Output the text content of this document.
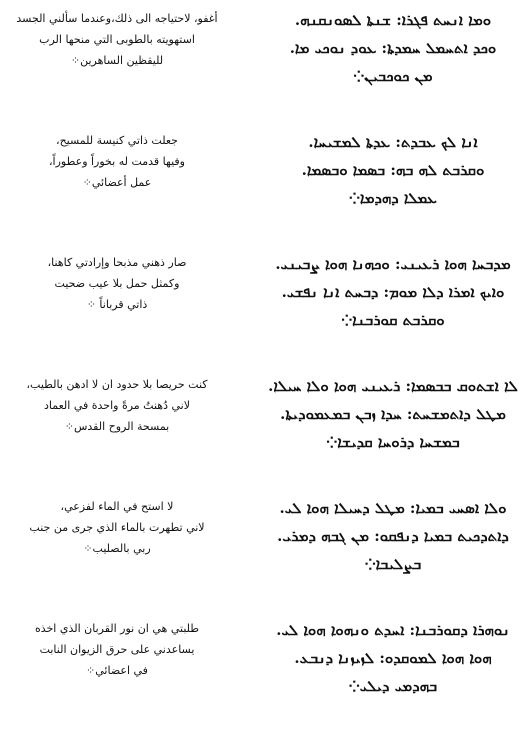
ܘܡܐ ܐܢܚܬ ܦܓܪܐ: ܫܢܬܐ ܠܣܘܢܩܢܗ.
ܘܟܕ ܐܬܚܡܠ ܚܡܕܬܐ: ܥܘܕ ܢܘܟܝ ܡܐ.
ܡܢ ܟܘܟܒܝܢ⁘
أغفو، لاحتياجه الى ذلك،وعندما سألني الجسد
استهويته بالطوبى التي منحها الرب
لليقظين الساهرين⁘
ܐܢܐ ܠܟ ܥܒܕܬ: ܥܕܬܐ ܠܡܫܝܚܐ.
ܘܩܪܒܬ ܠܗ ܒܗ: ܒܣܡܐ ܘܒܣܡܐ.
ܥܡܠܐ ܕܗܕܡܐ⁘
جعلت ذاتي كنيسة للمسيح،
وفيها قدمت له بخوراً وعطوراً،
عمل أعضائي⁘
ܡܕܒܚܐ ܗܘܐ ܪܥܝܢܝ: ܘܟܗܢܐ ܗܘܐ ܨܒܝܢܝ.
ܘܐܝܟ ܐܡܪܐ ܕܠܐ ܡܘܡ: ܕܒܚܬ ܐܢܐ ܢܦܫܝ.
ܘܩܪܒܬ ܩܘܪܒܢܐ⁘
صار ذهني مذبحا وإرادتي كاهنا،
وكمثل حمل بلا عيب ضحيت
ذاتي قرباناً ⁘
ܠܐ ܐܫܬܘܩ ܒܒܣܡܐ: ܪܥܝܢܝ ܗܘܐ ܘܠܐ ܚܝܠܐ.
ܡܛܠ ܕܐܬܡܫܚܬ: ܚܕܐ ܙܒܢ ܒܡܥܡܘܕܝܬܐ.
ܒܡܫܚܐ ܕܪܘܚܐ ܩܕܝܫܐ⁘
كنت حريصا بلا حدود ان لا ادهن بالطيب،
لاني دُهنتُ مرةً واحدة في العماد
بمسحة الروح القدس⁘
ܘܠܐ ܐܣܚܝ ܒܡܝܐ: ܡܛܠ ܕܚܝܠܐ ܗܘܐ ܠܝ.
ܕܐܬܕܟܝܬ ܒܡܝܐ ܕܢܦܩܘ: ܡܢ ܓܒܗ ܕܡܪܝ.
ܒܨܠܝܒܐ⁘
لا استح في الماء لفزعي،
لاني تطهرت بالماء الذي جرى من جنب
ربي بالصليب⁘
ܢܘܗܪܐ ܕܩܘܪܒܢܐ: ܐܚܕܬ ܘܢܗܘܐ ܗܘܐ ܠܝ.
ܗܘܐ ܗܘܐ ܠܡܘܩܕܘ: ܠܙܝܙܢܐ ܕܢܒܥ.
ܒܗܕܡܝ ܕܝܠܝ⁘
طلبتي هي ان نور القربان الذي اخذه
يساعدني على حرق الزيوان النابت
في اعضائي⁘
